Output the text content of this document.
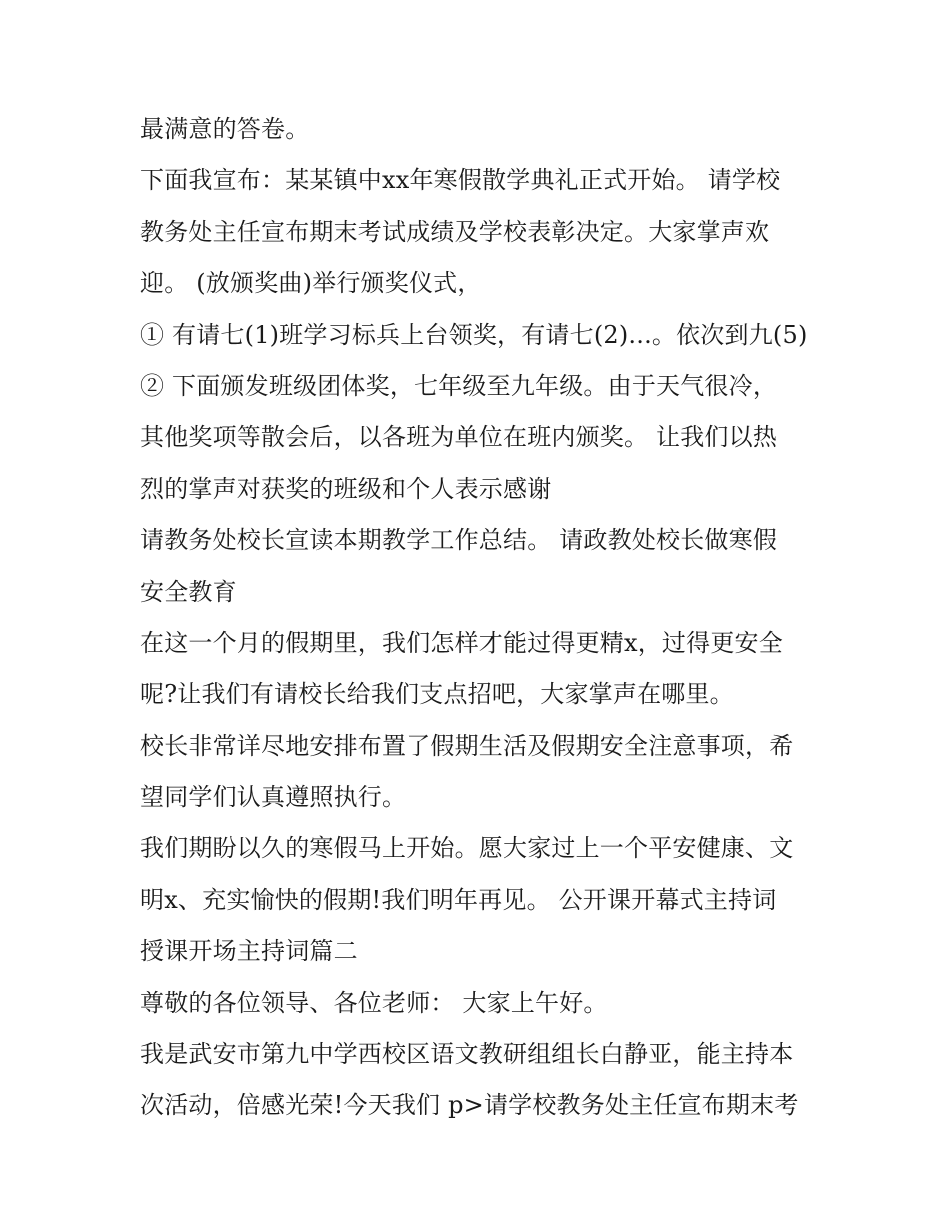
最满意的答卷。
下面我宣布：某某镇中xx年寒假散学典礼正式开始。 请学校
教务处主任宣布期末考试成绩及学校表彰决定。大家掌声欢
迎。 (放颁奖曲)举行颁奖仪式，
① 有请七(1)班学习标兵上台领奖，有请七(2)...。依次到九(5)
② 下面颁发班级团体奖，七年级至九年级。由于天气很冷，
其他奖项等散会后，以各班为单位在班内颁奖。 让我们以热
烈的掌声对获奖的班级和个人表示感谢
请教务处校长宣读本期教学工作总结。 请政教处校长做寒假
安全教育
在这一个月的假期里，我们怎样才能过得更精x，过得更安全
呢?让我们有请校长给我们支点招吧，大家掌声在哪里。
校长非常详尽地安排布置了假期生活及假期安全注意事项，希
望同学们认真遵照执行。
我们期盼以久的寒假马上开始。愿大家过上一个平安健康、文
明x、充实愉快的假期!我们明年再见。 公开课开幕式主持词
授课开场主持词篇二
尊敬的各位领导、各位老师： 大家上午好。
我是武安市第九中学西校区语文教研组组长白静亚，能主持本
次活动，倍感光荣!今天我们 p>请学校教务处主任宣布期末考
